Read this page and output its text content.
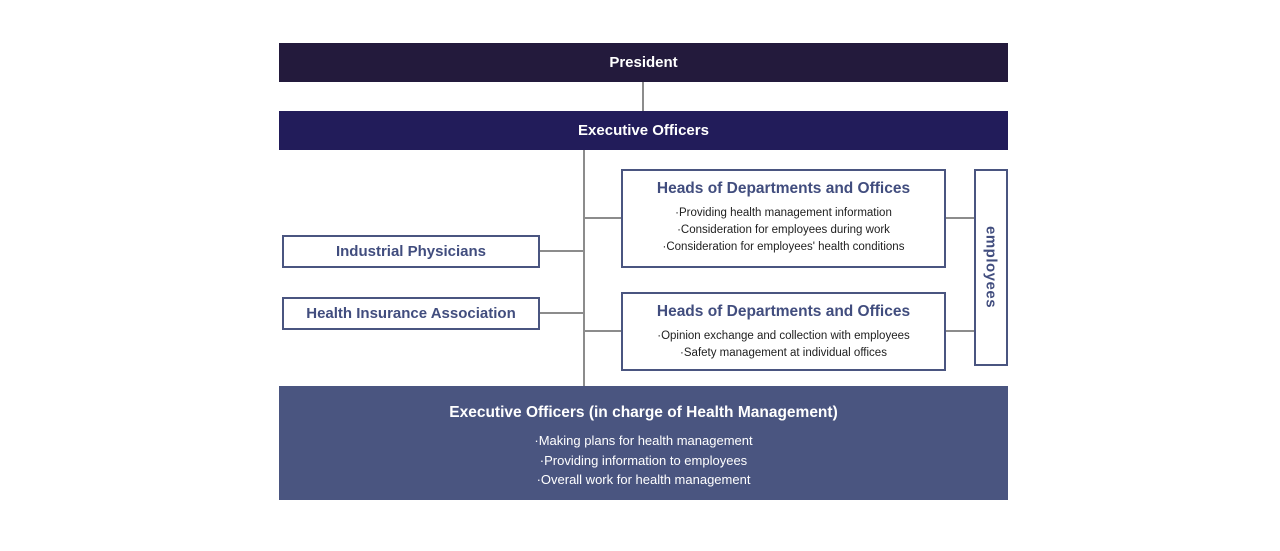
President
Executive Officers
Industrial Physicians
Health Insurance Association
Heads of Departments and Offices
·Providing health management information
·Consideration for employees during work
·Consideration for employees' health conditions
Heads of Departments and Offices
·Opinion exchange and collection with employees
·Safety management at individual offices
employees
Executive Officers (in charge of Health Management)
·Making plans for health management
·Providing information to employees
·Overall work for health management
